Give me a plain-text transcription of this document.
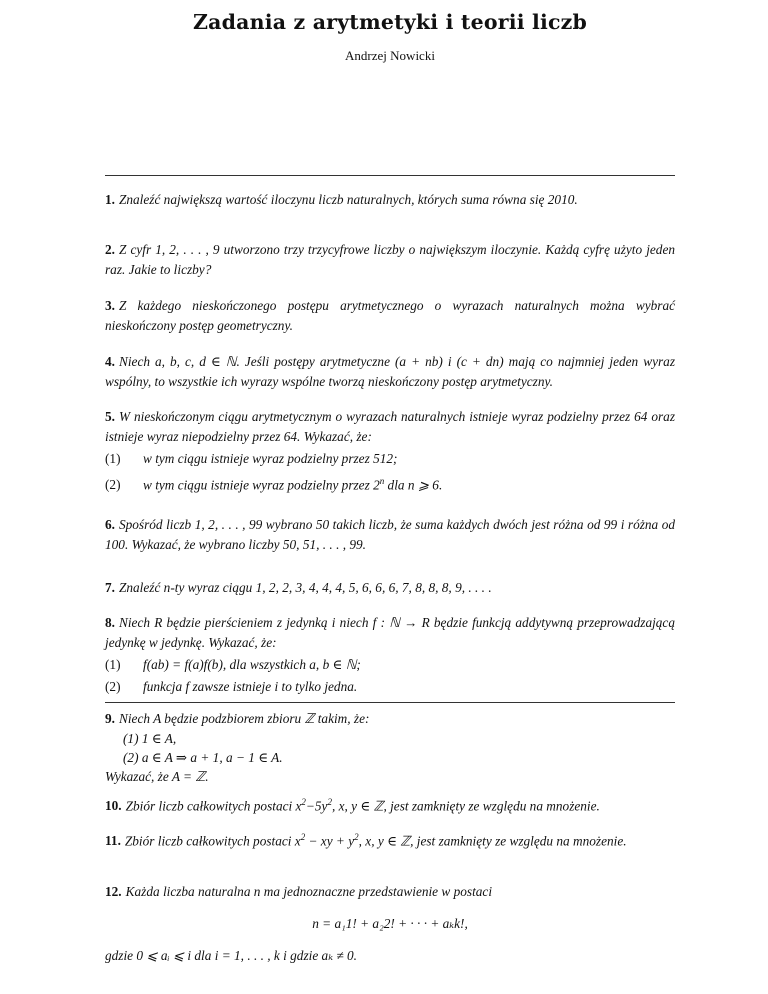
Zadania z arytmetyki i teorii liczb
Andrzej Nowicki
1. Znaleźć największą wartość iloczynu liczb naturalnych, których suma równa się 2010.
2. Z cyfr 1, 2, . . . , 9 utworzono trzy trzycyfrowe liczby o największym iloczynie. Każdą cyfrę użyto jeden raz. Jakie to liczby?
3. Z każdego nieskończonego postępu arytmetycznego o wyrazach naturalnych można wybrać nieskończony postęp geometryczny.
4. Niech a, b, c, d ∈ ℕ. Jeśli postępy arytmetyczne (a + nb) i (c + dn) mają co najmniej jeden wyraz wspólny, to wszystkie ich wyrazy wspólne tworzą nieskończony postęp arytmetyczny.
5. W nieskończonym ciągu arytmetycznym o wyrazach naturalnych istnieje wyraz podzielny przez 64 oraz istnieje wyraz niepodzielny przez 64. Wykazać, że:
(1) w tym ciągu istnieje wyraz podzielny przez 512;
(2) w tym ciągu istnieje wyraz podzielny przez 2$^n$ dla n ⩾ 6.
6. Spośród liczb 1, 2, . . . , 99 wybrano 50 takich liczb, że suma każdych dwóch jest różna od 99 i różna od 100. Wykazać, że wybrano liczby 50, 51, . . . , 99.
7. Znaleźć n-ty wyraz ciągu 1, 2, 2, 3, 4, 4, 4, 5, 6, 6, 6, 7, 8, 8, 8, 9, . . . .
8. Niech R będzie pierścieniem z jedynką i niech f : ℕ → R będzie funkcją addytywną przeprowadzającą jedynkę w jedynkę. Wykazać, że:
(1) f(ab) = f(a)f(b), dla wszystkich a, b ∈ ℕ;
(2) funkcja f zawsze istnieje i to tylko jedna.
9. Niech A będzie podzbiorem zbioru ℤ takim, że:
(1) 1 ∈ A,
(2) a ∈ A ⇒ a + 1, a − 1 ∈ A.
Wykazać, że A = ℤ.
10. Zbiór liczb całkowitych postaci $x^2-5y^2$, x, y ∈ ℤ, jest zamknięty ze względu na mnożenie.
11. Zbiór liczb całkowitych postaci $x^2$ − xy + $y^2$, x, y ∈ ℤ, jest zamknięty ze względu na mnożenie.
12. Każda liczba naturalna n ma jednoznaczne przedstawienie w postaci
n = a₁1! + a₂2! + · · · + aₖk!,
gdzie 0 ⩽ aᵢ ⩽ i dla i = 1, . . . , k i gdzie aₖ ≠ 0.
